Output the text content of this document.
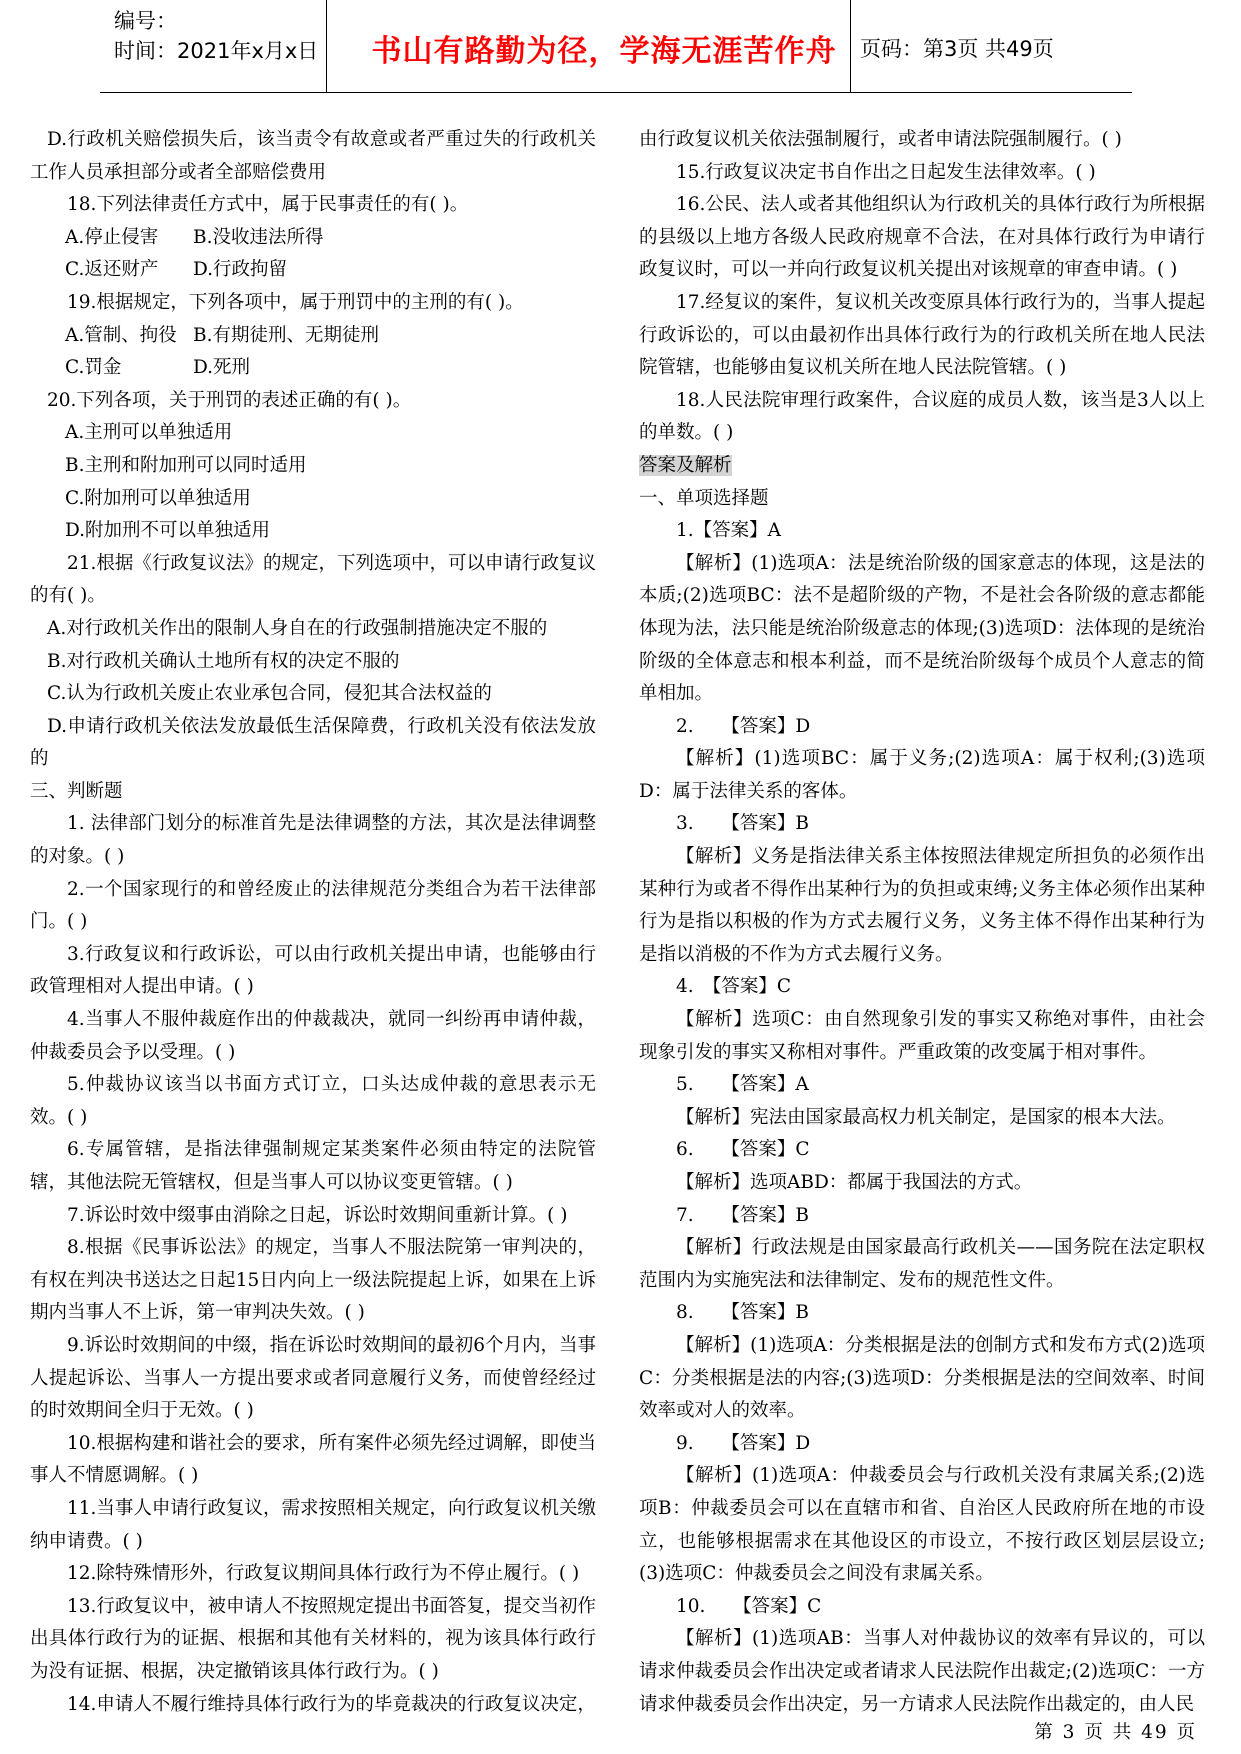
编号：
时间：2021年x月x日	书山有路勤为径，学海无涯苦作舟	页码：第3页 共49页

D.行政机关赔偿损失后，该当责令有故意或者严重过失的行政机关工作人员承担部分或者全部赔偿费用

18.下列法律责任方式中，属于民事责任的有( )。

A.停止侵害 B.没收违法所得

C.返还财产 D.行政拘留

19.根据规定，下列各项中，属于刑罚中的主刑的有( )。

A.管制、拘役 B.有期徒刑、无期徒刑

C.罚金	D.死刑

20.下列各项，关于刑罚的表述正确的有( )。

A.主刑可以单独适用

B.主刑和附加刑可以同时适用

C.附加刑可以单独适用

D.附加刑不可以单独适用

21.根据《行政复议法》的规定，下列选项中，可以申请行政复议的有( )。

A.对行政机关作出的限制人身自在的行政强制措施决定不服的

B.对行政机关确认土地所有权的决定不服的

C.认为行政机关废止农业承包合同，侵犯其合法权益的

D.申请行政机关依法发放最低生活保障费，行政机关没有依法发放的

三、判断题

1. 法律部门划分的标准首先是法律调整的方法，其次是法律调整的对象。( )

2.一个国家现行的和曾经废止的法律规范分类组合为若干法律部门。( )

3.行政复议和行政诉讼，可以由行政机关提出申请，也能够由行政管理相对人提出申请。( )

4.当事人不服仲裁庭作出的仲裁裁决，就同一纠纷再申请仲裁，仲裁委员会予以受理。( )

5.仲裁协议该当以书面方式订立，口头达成仲裁的意思表示无效。( )

6.专属管辖，是指法律强制规定某类案件必须由特定的法院管辖，其他法院无管辖权，但是当事人可以协议变更管辖。( )

7.诉讼时效中缀事由消除之日起，诉讼时效期间重新计算。( )

8.根据《民事诉讼法》的规定，当事人不服法院第一审判决的，有权在判决书送达之日起15日内向上一级法院提起上诉，如果在上诉期内当事人不上诉，第一审判决失效。( )

9.诉讼时效期间的中缀，指在诉讼时效期间的最初6个月内，当事人提起诉讼、当事人一方提出要求或者同意履行义务，而使曾经经过的时效期间全归于无效。( )

10.根据构建和谐社会的要求，所有案件必须先经过调解，即使当事人不情愿调解。( )

11.当事人申请行政复议，需求按照相关规定，向行政复议机关缴纳申请费。( )

12.除特殊情形外，行政复议期间具体行政行为不停止履行。( )

13.行政复议中，被申请人不按照规定提出书面答复，提交当初作出具体行政行为的证据、根据和其他有关材料的，视为该具体行政行为没有证据、根据，决定撤销该具体行政行为。( )

14.申请人不履行维持具体行政行为的毕竟裁决的行政复议决定，

由行政复议机关依法强制履行，或者申请法院强制履行。( )

15.行政复议决定书自作出之日起发生法律效率。( )

16.公民、法人或者其他组织认为行政机关的具体行政行为所根据的县级以上地方各级人民政府规章不合法，在对具体行政行为申请行政复议时，可以一并向行政复议机关提出对该规章的审查申请。( )

17.经复议的案件，复议机关改变原具体行政行为的，当事人提起行政诉讼的，可以由最初作出具体行政行为的行政机关所在地人民法院管辖，也能够由复议机关所在地人民法院管辖。( )

18.人民法院审理行政案件，合议庭的成员人数，该当是3人以上的单数。( )

答案及解析

一、单项选择题

1.【答案】A

【解析】(1)选项A：法是统治阶级的国家意志的体现，这是法的本质;(2)选项BC：法不是超阶级的产物，不是社会各阶级的意志都能体现为法，法只能是统治阶级意志的体现;(3)选项D：法体现的是统治阶级的全体意志和根本利益，而不是统治阶级每个成员个人意志的简单相加。

2.　　【答案】D

【解析】(1)选项BC：属于义务;(2)选项A：属于权利;(3)选项D：属于法律关系的客体。

3.　　【答案】B

【解析】义务是指法律关系主体按照法律规定所担负的必须作出某种行为或者不得作出某种行为的负担或束缚;义务主体必须作出某种行为是指以积极的作为方式去履行义务，义务主体不得作出某种行为是指以消极的不作为方式去履行义务。

4.　【答案】C

【解析】选项C：由自然现象引发的事实又称绝对事件，由社会现象引发的事实又称相对事件。严重政策的改变属于相对事件。

5.　　【答案】A

【解析】宪法由国家最高权力机关制定，是国家的根本大法。

6.　　【答案】C

【解析】选项ABD：都属于我国法的方式。

7.　　【答案】B

【解析】行政法规是由国家最高行政机关——国务院在法定职权范围内为实施宪法和法律制定、发布的规范性文件。

8.　　【答案】B

【解析】(1)选项A：分类根据是法的创制方式和发布方式(2)选项C：分类根据是法的内容;(3)选项D：分类根据是法的空间效率、时间效率或对人的效率。

9.　　【答案】D

【解析】(1)选项A：仲裁委员会与行政机关没有隶属关系;(2)选项B：仲裁委员会可以在直辖市和省、自治区人民政府所在地的市设立，也能够根据需求在其他设区的市设立，不按行政区划层层设立;(3)选项C：仲裁委员会之间没有隶属关系。

10.　　【答案】C

【解析】(1)选项AB：当事人对仲裁协议的效率有异议的，可以请求仲裁委员会作出决定或者请求人民法院作出裁定;(2)选项C：一方请求仲裁委员会作出决定，另一方请求人民法院作出裁定的，由人民

第 3 页 共 49 页
